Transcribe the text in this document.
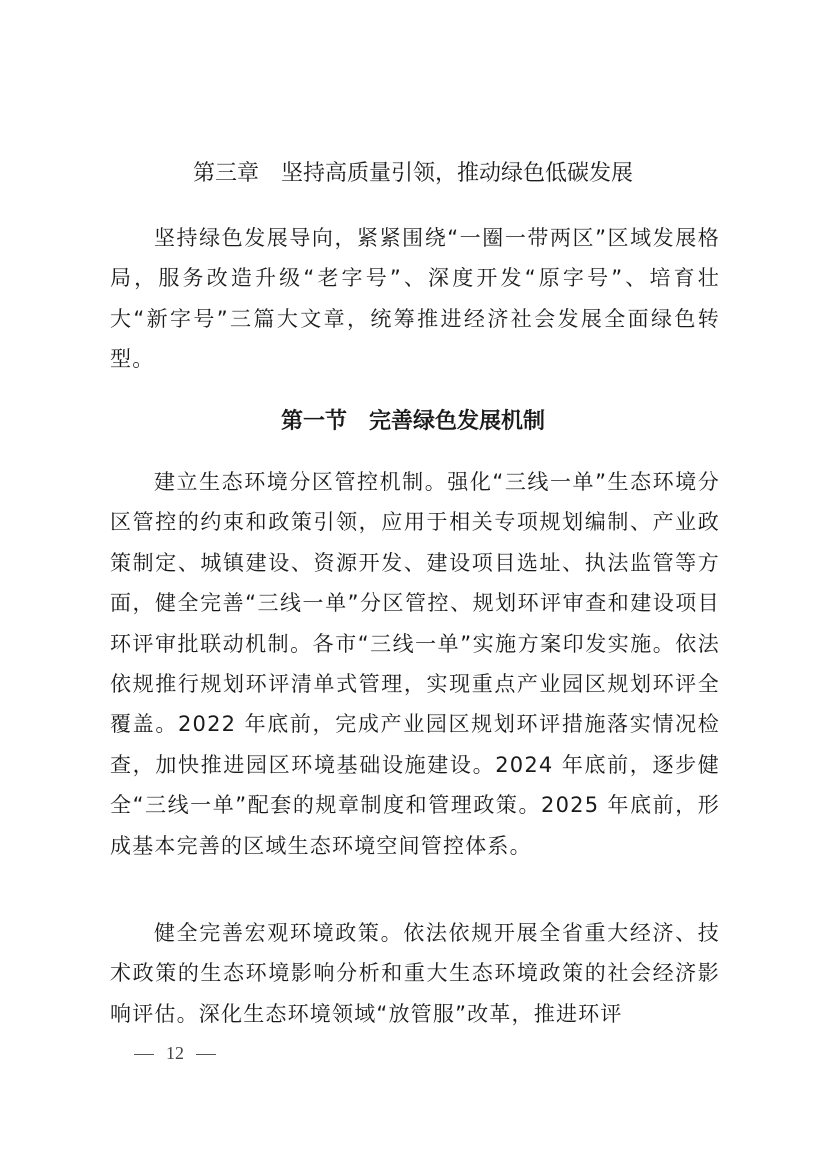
第三章　坚持高质量引领，推动绿色低碳发展

坚持绿色发展导向，紧紧围绕“一圈一带两区”区域发展格局，服务改造升级“老字号”、深度开发“原字号”、培育壮大“新字号”三篇大文章，统筹推进经济社会发展全面绿色转型。

第一节　完善绿色发展机制

建立生态环境分区管控机制。强化“三线一单”生态环境分区管控的约束和政策引领，应用于相关专项规划编制、产业政策制定、城镇建设、资源开发、建设项目选址、执法监管等方面，健全完善“三线一单”分区管控、规划环评审查和建设项目环评审批联动机制。各市“三线一单”实施方案印发实施。依法依规推行规划环评清单式管理，实现重点产业园区规划环评全覆盖。2022 年底前，完成产业园区规划环评措施落实情况检查，加快推进园区环境基础设施建设。2024 年底前，逐步健全“三线一单”配套的规章制度和管理政策。2025 年底前，形成基本完善的区域生态环境空间管控体系。

健全完善宏观环境政策。依法依规开展全省重大经济、技术政策的生态环境影响分析和重大生态环境政策的社会经济影响评估。深化生态环境领域“放管服”改革，推进环评

12
